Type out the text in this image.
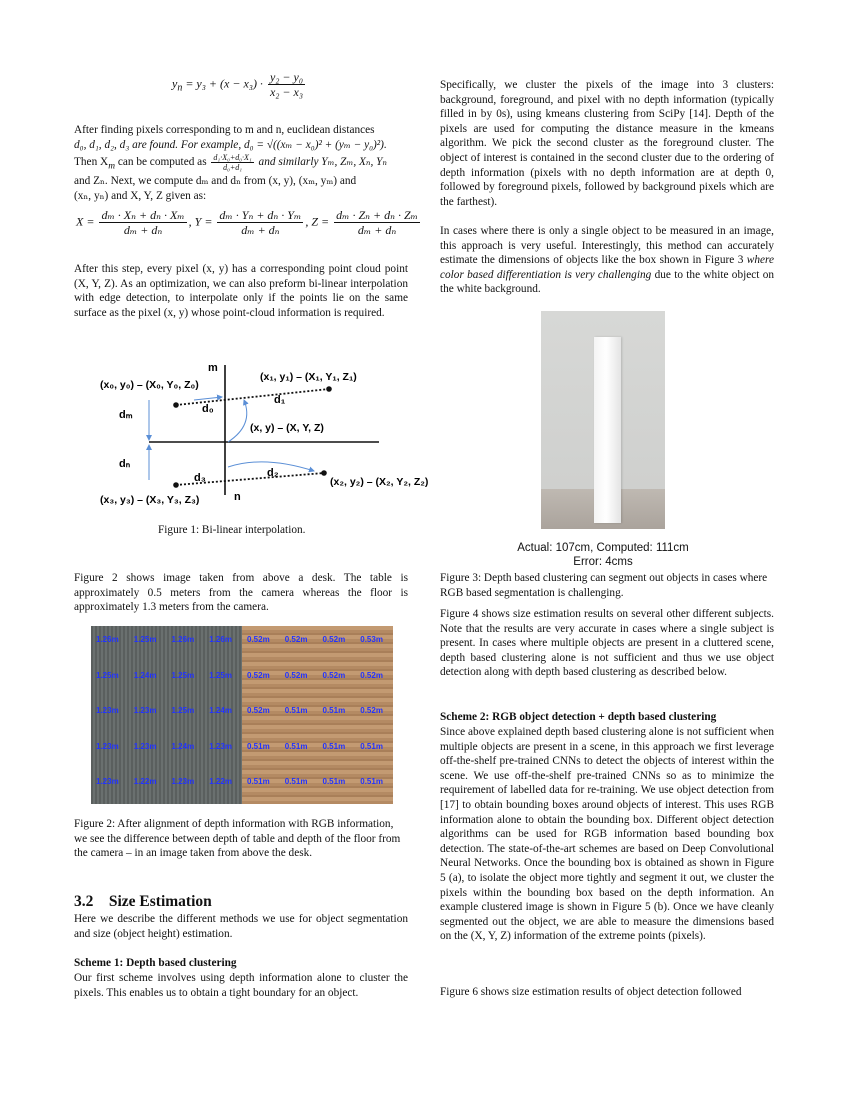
$y_n = y_3 + (x - x_3) \cdot \frac{\text{y₂ − y₀}}{\text{x₂ − x₃}}$
After finding pixels corresponding to m and n, euclidean distances
d₀, d₁, d₂, d₃ are found. For example, d₀ = √((xₘ − x₀)² + (yₘ − y₀)²).
Then $X_m$ can be computed as $\frac{\text{d₁·X₀+d₀·X₁}}{\text{d₀+d₁}}$ and similarly Yₘ, Zₘ, Xₙ, Yₙ
and Zₙ. Next, we compute dₘ and dₙ from (x, y), (xₘ, yₘ) and
(xₙ, yₙ) and X, Y, Z given as:
$X = \frac{\text{dₘ · Xₙ + dₙ · Xₘ}}{\text{dₘ + dₙ}}$ , $Y = \frac{\text{dₘ · Yₙ + dₙ · Yₘ}}{\text{dₘ + dₙ}}$ , $Z = \frac{\text{dₘ · Zₙ + dₙ · Zₘ}}{\text{dₘ + dₙ}}$

After this step, every pixel (x, y) has a corresponding point cloud point (X, Y, Z). As an optimization, we can also preform bi-linear interpolation with edge detection, to interpolate only if the points lie on the same surface as the pixel (x, y) whose point-cloud information is required.

m
n
(x₀, y₀) – (X₀, Y₀, Z₀)
(x₁, y₁) – (X₁, Y₁, Z₁)
(x, y) – (X, Y, Z)
(x₂, y₂) – (X₂, Y₂, Z₂)
(x₃, y₃) – (X₃, Y₃, Z₃)
d₀
d₁
d₂
d₃
dₘ
dₙ
Figure 1: Bi-linear interpolation.

Figure 2 shows image taken from above a desk. The table is approximately 0.5 meters from the camera whereas the floor is approximately 1.3 meters from the camera.

1.26m 1.25m 1.26m 1.26m 0.52m 0.52m 0.52m 0.53m
1.25m 1.24m 1.25m 1.25m 0.52m 0.52m 0.52m 0.52m
1.23m 1.23m 1.25m 1.24m 0.52m 0.51m 0.51m 0.52m
1.23m 1.23m 1.24m 1.23m 0.51m 0.51m 0.51m 0.51m
1.23m 1.22m 1.23m 1.22m 0.51m 0.51m 0.51m 0.51m

Figure 2: After alignment of depth information with RGB information, we see the difference between depth of table and depth of the floor from the camera – in an image taken from above the desk.

3.2 Size Estimation

Here we describe the different methods we use for object segmentation and size (object height) estimation.

Scheme 1: Depth based clustering

Our first scheme involves using depth information alone to cluster the pixels. This enables us to obtain a tight boundary for an object.

Specifically, we cluster the pixels of the image into 3 clusters: background, foreground, and pixel with no depth information (typically filled in by 0s), using kmeans clustering from SciPy [14]. Depth of the pixels are used for computing the distance measure in the kmeans algorithm. We pick the second cluster as the foreground cluster. The object of interest is contained in the second cluster due to the ordering of depth information (pixels with no depth information are at depth 0, followed by foreground pixels, followed by background pixels which are the farthest).

In cases where there is only a single object to be measured in an image, this approach is very useful. Interestingly, this method can accurately estimate the dimensions of objects like the box shown in Figure 3 where color based differentiation is very challenging due to the white object on the white background.

Actual: 107cm, Computed: 111cm
Error: 4cms

Figure 3: Depth based clustering can segment out objects in cases where RGB based segmentation is challenging.

Figure 4 shows size estimation results on several other different subjects. Note that the results are very accurate in cases where a single subject is present. In cases where multiple objects are present in a cluttered scene, depth based clustering alone is not sufficient and thus we use object detection along with depth based clustering as described below.

Scheme 2: RGB object detection + depth based clustering

Since above explained depth based clustering alone is not sufficient when multiple objects are present in a scene, in this approach we first leverage off-the-shelf pre-trained CNNs to detect the objects of interest within the scene. We use off-the-shelf pre-trained CNNs so as to minimize the requirement of labelled data for re-training. We use object detection from [17] to obtain bounding boxes around objects of interest. This uses RGB information alone to obtain the bounding box. Different object detection algorithms can be used for RGB information based bounding box detection. The state-of-the-art schemes are based on Deep Convolutional Neural Networks. Once the bounding box is obtained as shown in Figure 5 (a), to isolate the object more tightly and segment it out, we cluster the pixels within the bounding box based on the depth information. An example clustered image is shown in Figure 5 (b). Once we have cleanly segmented out the object, we are able to measure the dimensions based on the (X, Y, Z) information of the extreme points (pixels).

Figure 6 shows size estimation results of object detection followed
